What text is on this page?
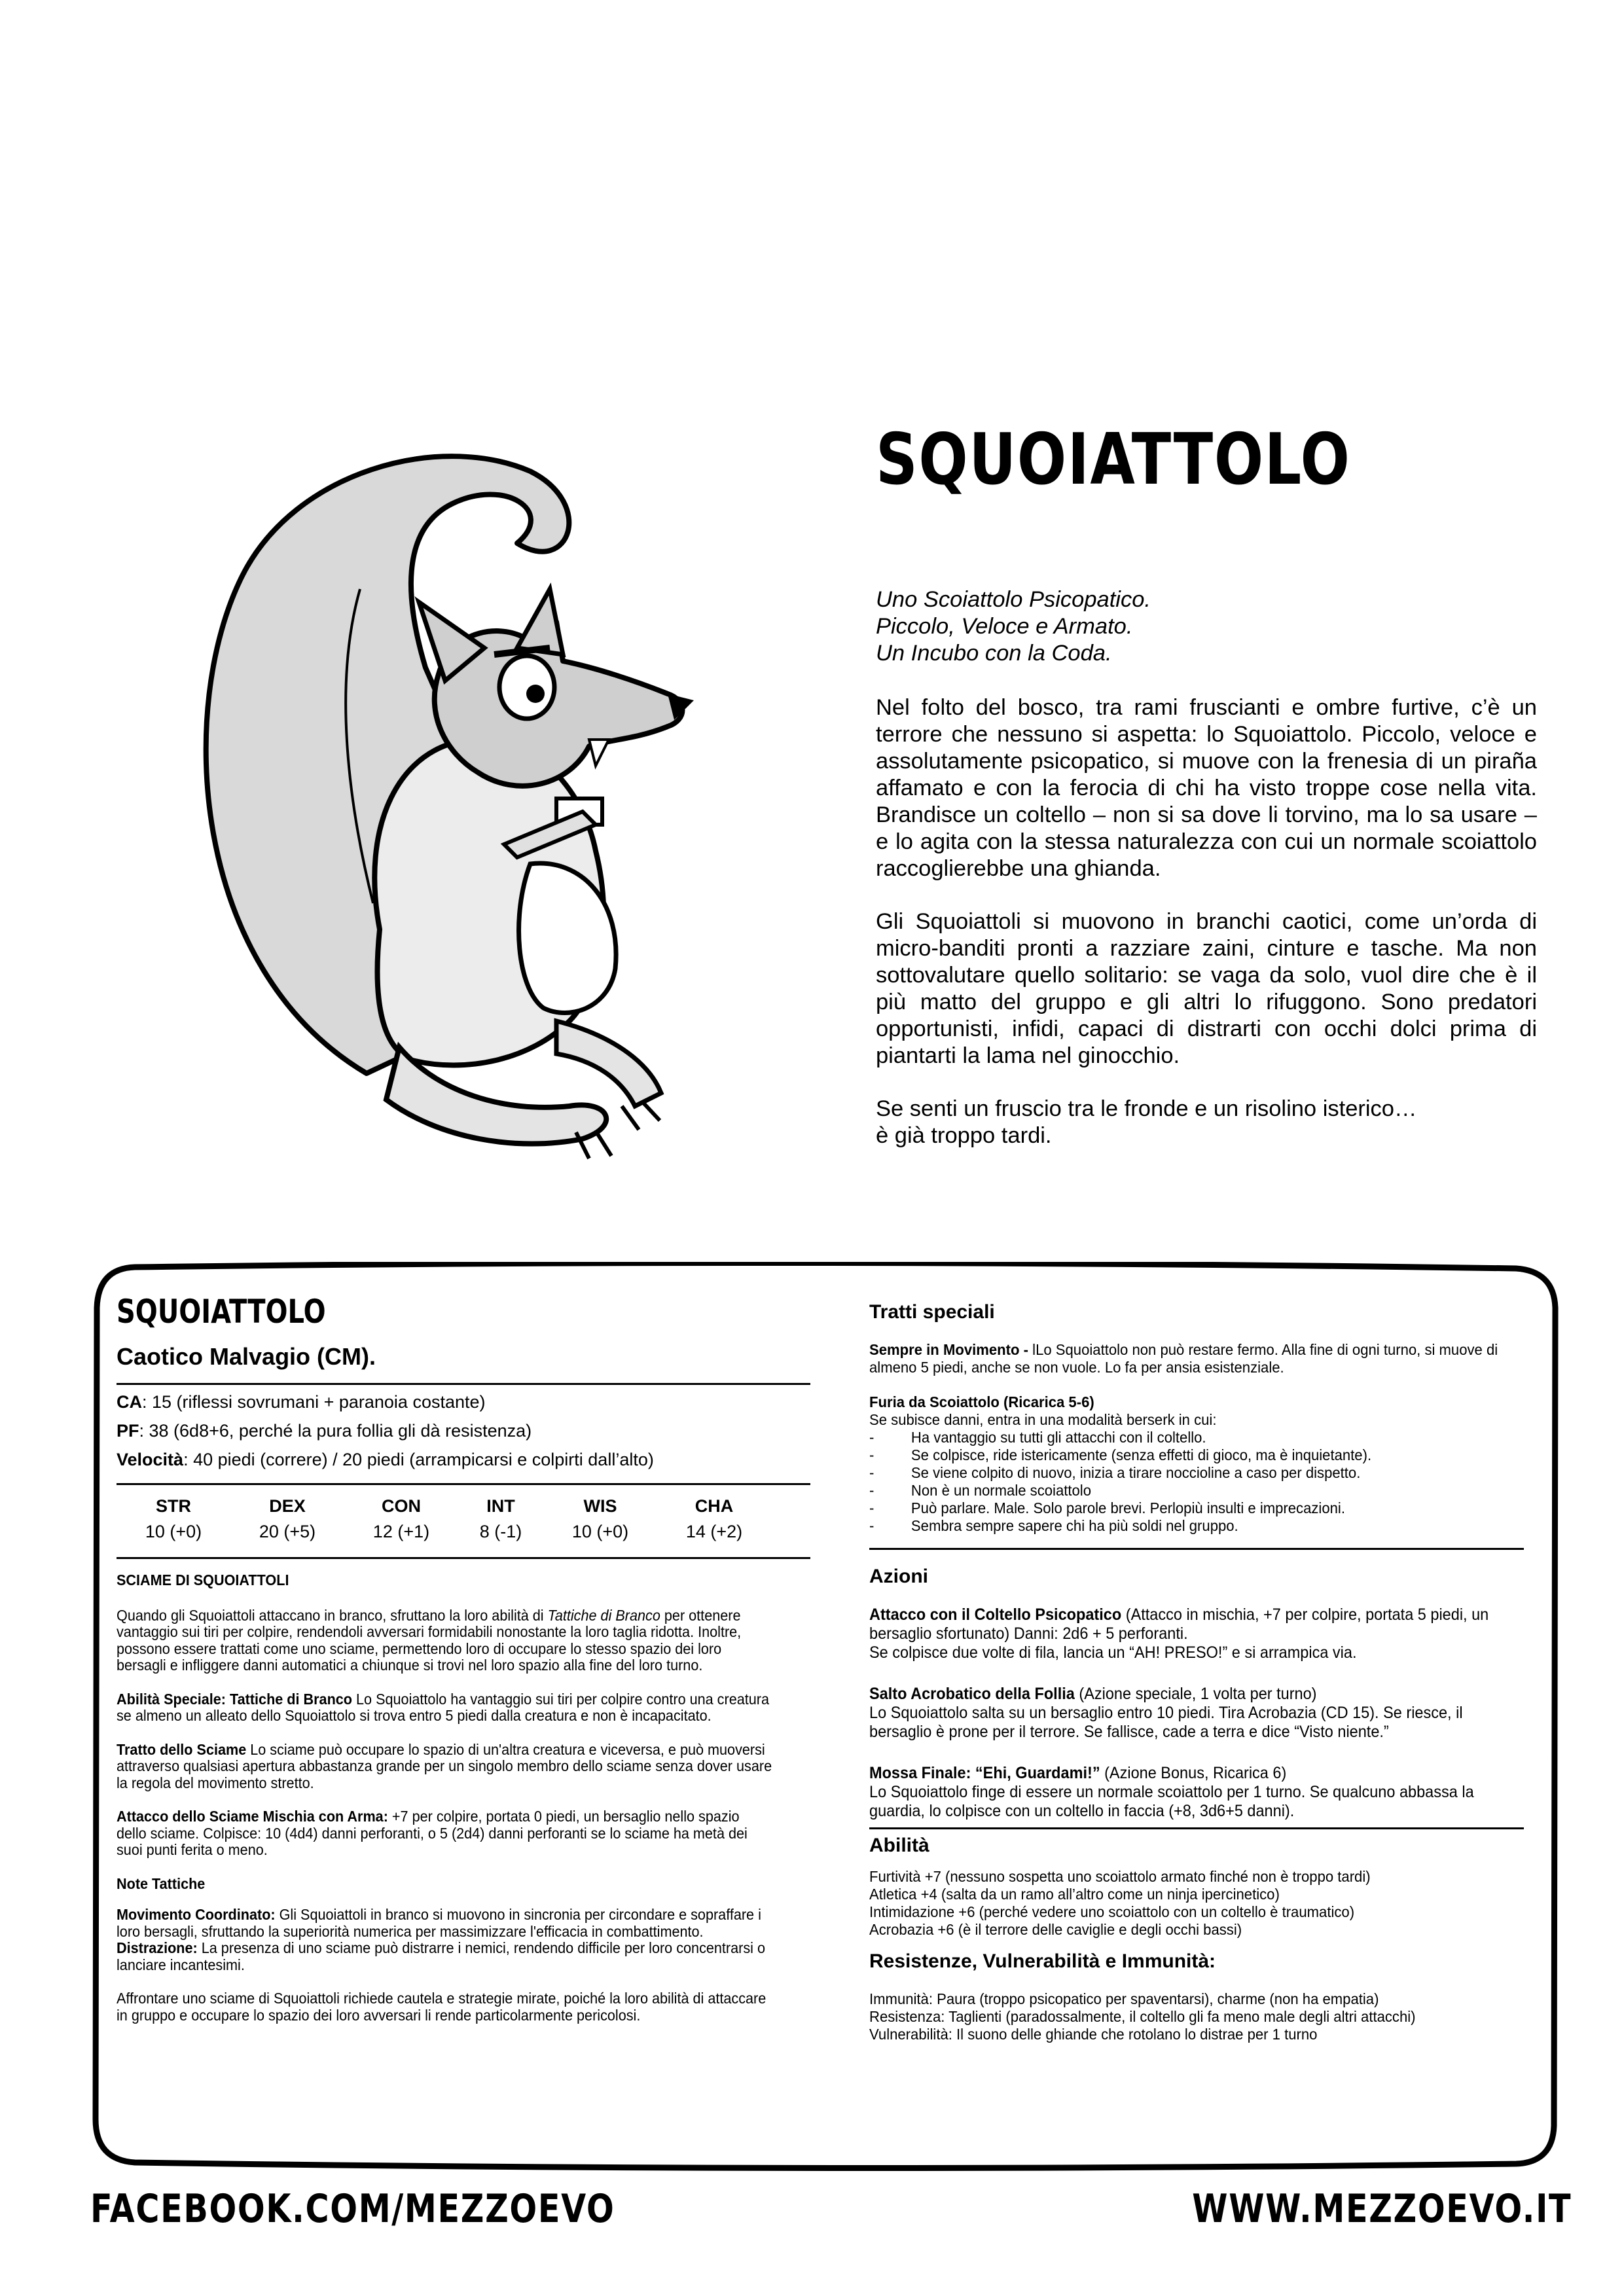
SQUOIATTOLO

Uno Scoiattolo Psicopatico.

Piccolo, Veloce e Armato.

Un Incubo con la Coda.

Nel folto del bosco, tra rami fruscianti e ombre furtive, c’è un terrore che nessuno si aspetta: lo Squoiattolo. Piccolo, veloce e assolutamente psicopatico, si muove con la frenesia di un piraña affamato e con la ferocia di chi ha visto troppe cose nella vita. Brandisce un coltello – non si sa dove li torvino, ma lo sa usare – e lo agita con la stessa naturalezza con cui un normale scoiattolo raccoglierebbe una ghianda.

Gli Squoiattoli si muovono in branchi caotici, come un’orda di micro-banditi pronti a razziare zaini, cinture e tasche. Ma non sottovalutare quello solitario: se vaga da solo, vuol dire che è il più matto del gruppo e gli altri lo rifuggono. Sono predatori opportunisti, infidi, capaci di distrarti con occhi dolci prima di piantarti la lama nel ginocchio.

Se senti un fruscio tra le fronde e un risolino isterico…
è già troppo tardi.

SQUOIATTOLO
Caotico Malvagio (CM).
CA: 15 (riflessi sovrumani + paranoia costante)
PF: 38 (6d8+6, perché la pura follia gli dà resistenza)
Velocità: 40 piedi (correre) / 20 piedi (arrampicarsi e colpirti dall’alto)
STR	DEX	CON	INT	WIS	CHA
10 (+0)	20 (+5)	12 (+1)	8 (-1)	10 (+0)	14 (+2)
SCIAME DI SQUOIATTOLI

Quando gli Squoiattoli attaccano in branco, sfruttano la loro abilità di Tattiche di Branco per ottenere vantaggio sui tiri per colpire, rendendoli avversari formidabili nonostante la loro taglia ridotta. Inoltre, possono essere trattati come uno sciame, permettendo loro di occupare lo stesso spazio dei loro bersagli e infliggere danni automatici a chiunque si trovi nel loro spazio alla fine del loro turno.

Abilità Speciale: Tattiche di Branco Lo Squoiattolo ha vantaggio sui tiri per colpire contro una creatura se almeno un alleato dello Squoiattolo si trova entro 5 piedi dalla creatura e non è incapacitato.

Tratto dello Sciame Lo sciame può occupare lo spazio di un'altra creatura e viceversa, e può muoversi attraverso qualsiasi apertura abbastanza grande per un singolo membro dello sciame senza dover usare la regola del movimento stretto.

Attacco dello Sciame Mischia con Arma: +7 per colpire, portata 0 piedi, un bersaglio nello spazio dello sciame. Colpisce: 10 (4d4) danni perforanti, o 5 (2d4) danni perforanti se lo sciame ha metà dei suoi punti ferita o meno.

Note Tattiche

Movimento Coordinato: Gli Squoiattoli in branco si muovono in sincronia per circondare e sopraffare i loro bersagli, sfruttando la superiorità numerica per massimizzare l'efficacia in combattimento.
Distrazione: La presenza di uno sciame può distrarre i nemici, rendendo difficile per loro concentrarsi o lanciare incantesimi.

Affrontare uno sciame di Squoiattoli richiede cautela e strategie mirate, poiché la loro abilità di attaccare in gruppo e occupare lo spazio dei loro avversari li rende particolarmente pericolosi.

Tratti speciali

Sempre in Movimento - lLo Squoiattolo non può restare fermo. Alla fine di ogni turno, si muove di almeno 5 piedi, anche se non vuole. Lo fa per ansia esistenziale.

Furia da Scoiattolo (Ricarica 5-6)
Se subisce danni, entra in una modalità berserk in cui:

- Ha vantaggio su tutti gli attacchi con il coltello.
- Se colpisce, ride istericamente (senza effetti di gioco, ma è inquietante).
- Se viene colpito di nuovo, inizia a tirare noccioline a caso per dispetto.
- Non è un normale scoiattolo
- Può parlare. Male. Solo parole brevi. Perlopiù insulti e imprecazioni.
- Sembra sempre sapere chi ha più soldi nel gruppo.
Azioni
Attacco con il Coltello Psicopatico (Attacco in mischia, +7 per colpire, portata 5 piedi, un bersaglio sfortunato) Danni: 2d6 + 5 perforanti.
Se colpisce due volte di fila, lancia un “AH! PRESO!” e si arrampica via.
Salto Acrobatico della Follia (Azione speciale, 1 volta per turno)
Lo Squoiattolo salta su un bersaglio entro 10 piedi. Tira Acrobazia (CD 15). Se riesce, il bersaglio è prone per il terrore. Se fallisce, cade a terra e dice “Visto niente.”
Mossa Finale: “Ehi, Guardami!” (Azione Bonus, Ricarica 6)
Lo Squoiattolo finge di essere un normale scoiattolo per 1 turno. Se qualcuno abbassa la guardia, lo colpisce con un coltello in faccia (+8, 3d6+5 danni).
Abilità
Furtività +7 (nessuno sospetta uno scoiattolo armato finché non è troppo tardi)
Atletica +4 (salta da un ramo all’altro come un ninja ipercinetico)
Intimidazione +6 (perché vedere uno scoiattolo con un coltello è traumatico)
Acrobazia +6 (è il terrore delle caviglie e degli occhi bassi)
Resistenze, Vulnerabilità e Immunità:
Immunità: Paura (troppo psicopatico per spaventarsi), charme (non ha empatia)
Resistenza: Taglienti (paradossalmente, il coltello gli fa meno male degli altri attacchi)
Vulnerabilità: Il suono delle ghiande che rotolano lo distrae per 1 turno
FACEBOOK.COM/MEZZOEVO	WWW.MEZZOEVO.IT
